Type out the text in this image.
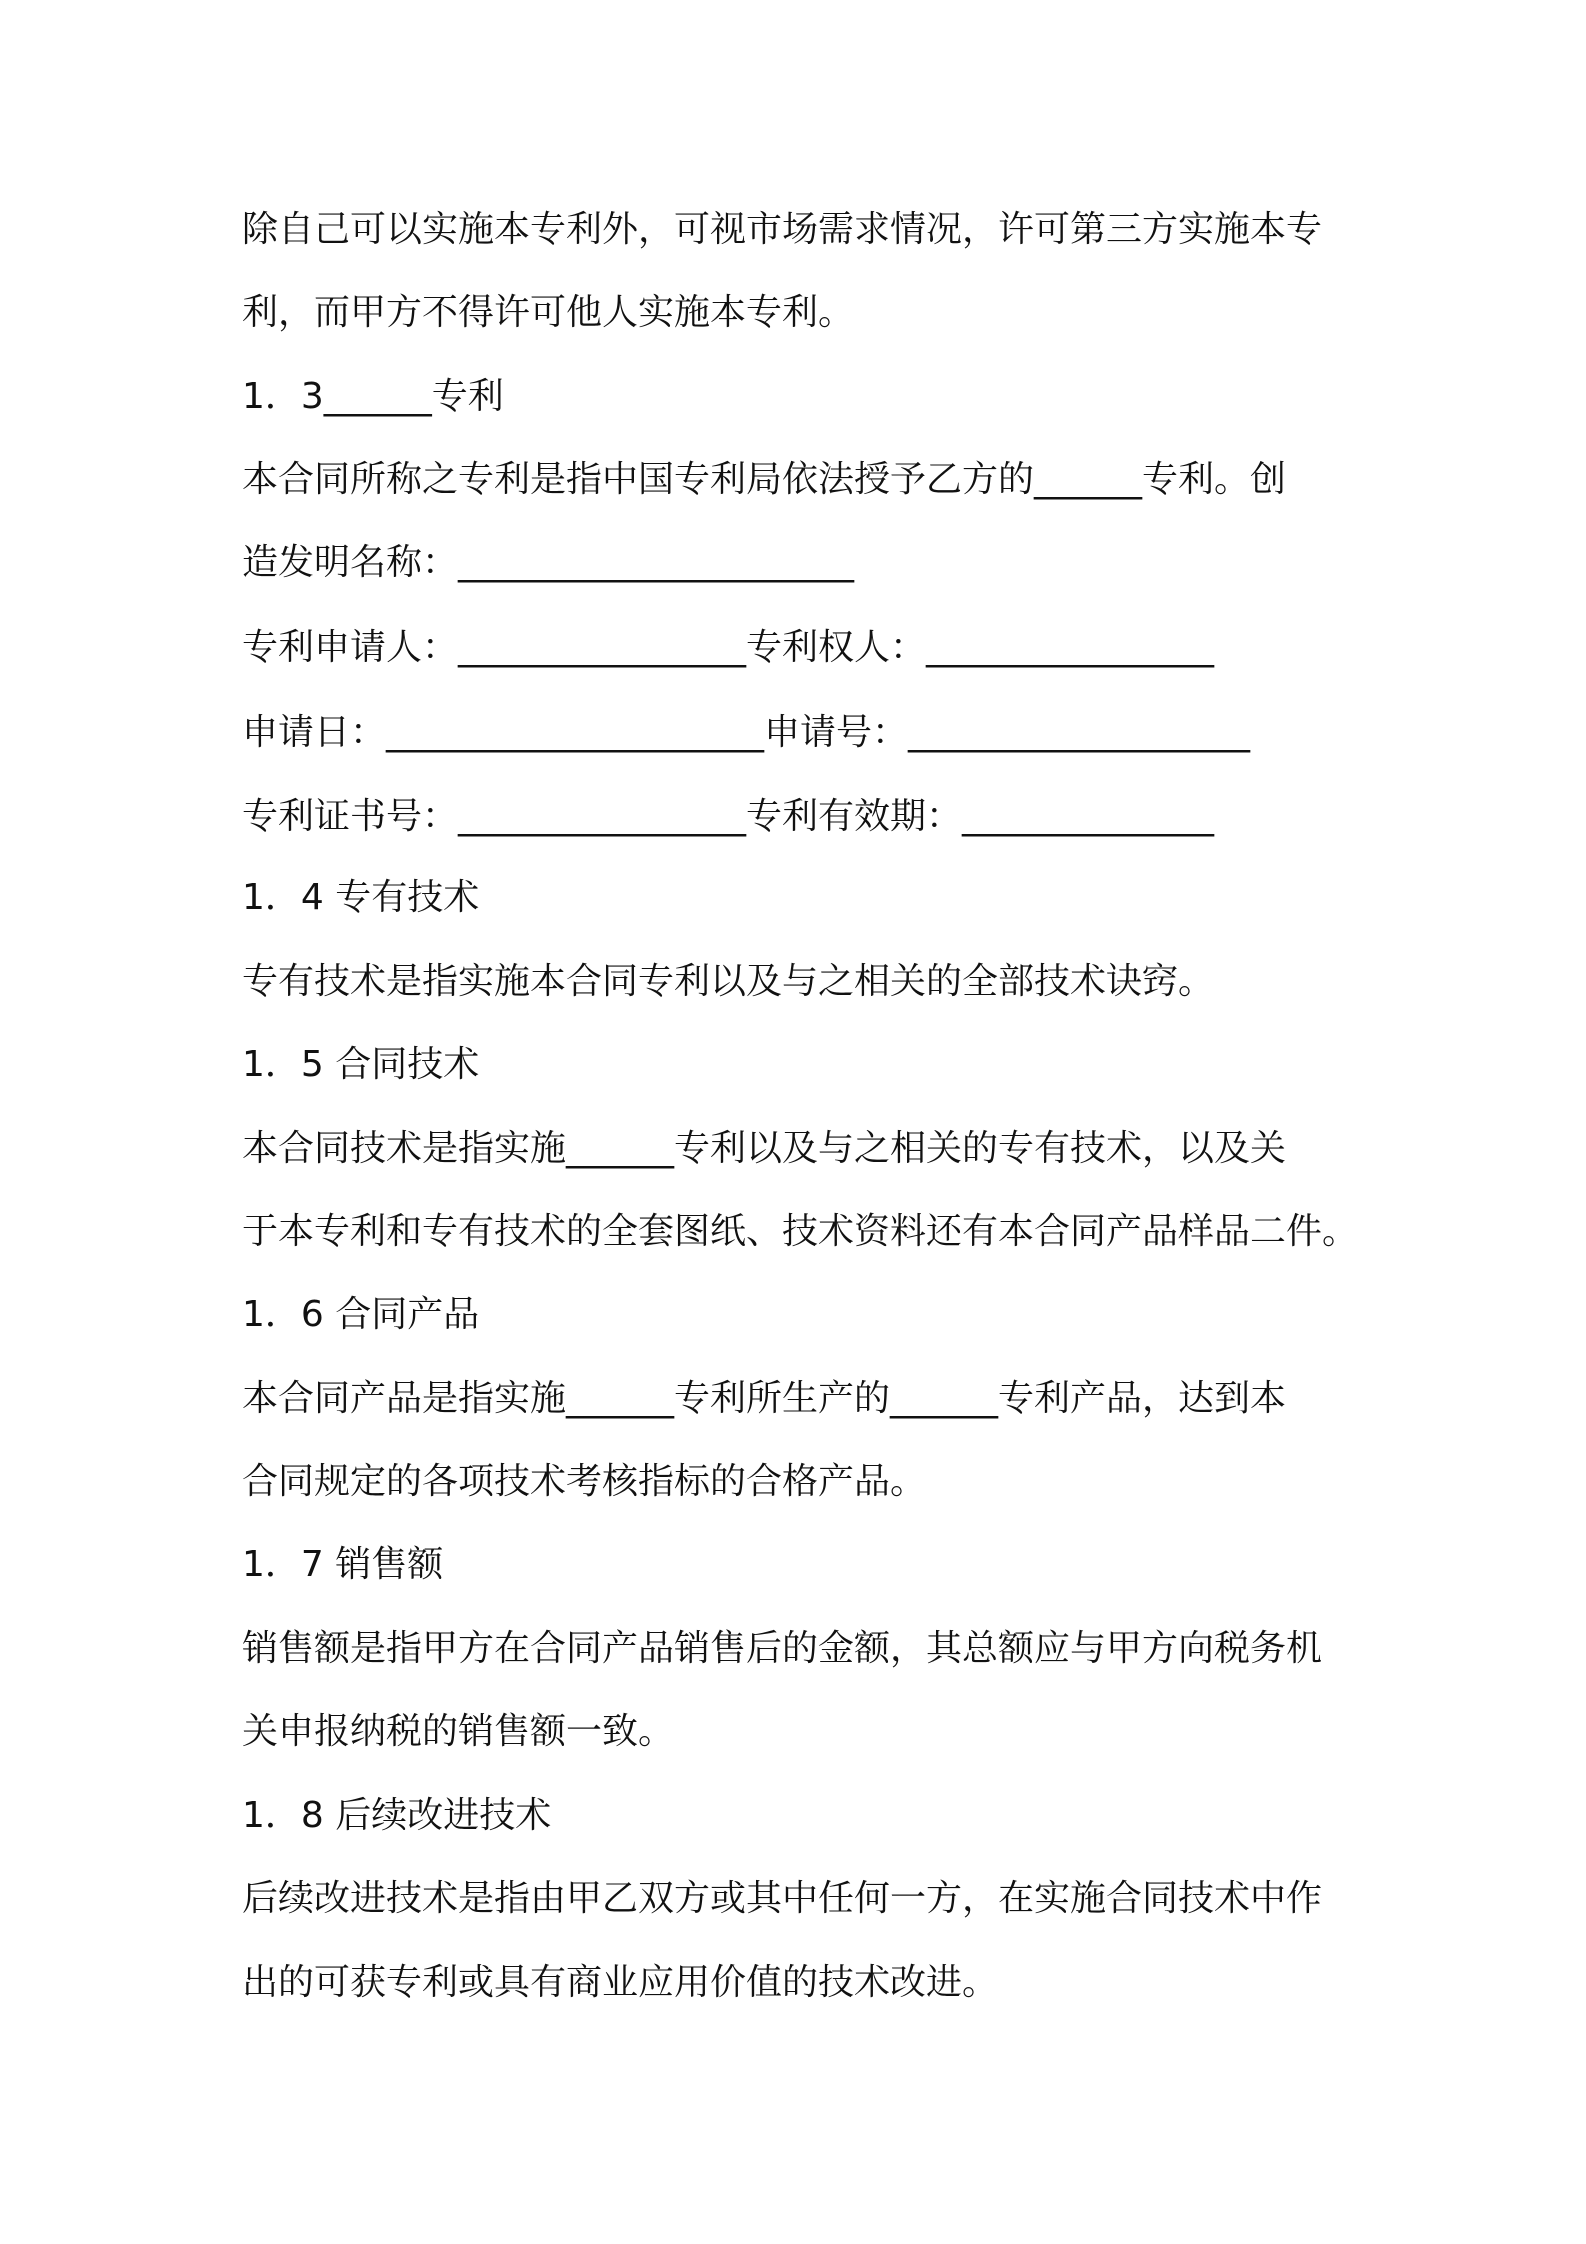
除自己可以实施本专利外，可视市场需求情况，许可第三方实施本专
利，而甲方不得许可他人实施本专利。
1．3______专利
本合同所称之专利是指中国专利局依法授予乙方的______专利。创
造发明名称：______________________
专利申请人：________________专利权人：________________
申请日：_____________________申请号：___________________
专利证书号：________________专利有效期：______________
1．4 专有技术
专有技术是指实施本合同专利以及与之相关的全部技术诀窍。
1．5 合同技术
本合同技术是指实施______专利以及与之相关的专有技术，以及关
于本专利和专有技术的全套图纸、技术资料还有本合同产品样品二件。
1．6 合同产品
本合同产品是指实施______专利所生产的______专利产品，达到本
合同规定的各项技术考核指标的合格产品。
1．7 销售额
销售额是指甲方在合同产品销售后的金额，其总额应与甲方向税务机
关申报纳税的销售额一致。
1．8 后续改进技术
后续改进技术是指由甲乙双方或其中任何一方，在实施合同技术中作
出的可获专利或具有商业应用价值的技术改进。
